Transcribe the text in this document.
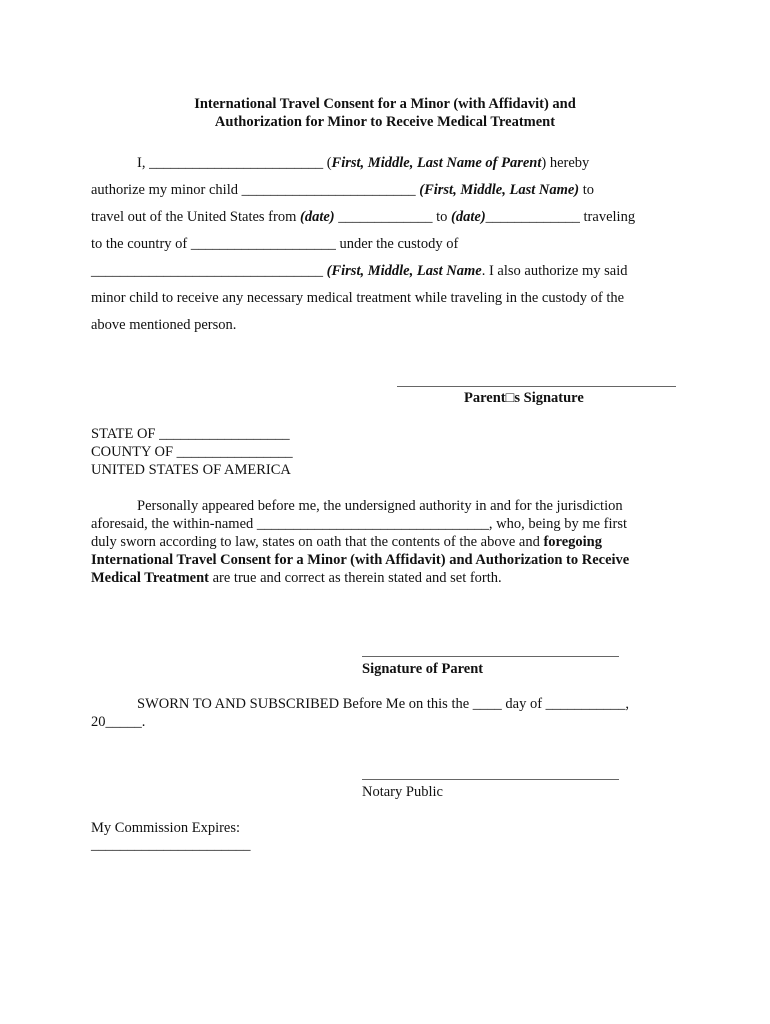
International Travel Consent for a Minor (with Affidavit) and
Authorization for Minor to Receive Medical Treatment
I, ________________________ (First, Middle, Last Name of Parent) hereby
authorize my minor child ________________________ (First, Middle, Last Name) to
travel out of the United States from (date) _____________ to (date)_____________ traveling
to the country of ____________________ under the custody of
________________________________ (First, Middle, Last Name. I also authorize my said
minor child to receive any necessary medical treatment while traveling in the custody of the
above mentioned person.
Parent□s Signature
STATE OF __________________
COUNTY OF ________________
UNITED STATES OF AMERICA
Personally appeared before me, the undersigned authority in and for the jurisdiction
aforesaid, the within-named ________________________________, who, being by me first
duly sworn according to law, states on oath that the contents of the above and foregoing
International Travel Consent for a Minor (with Affidavit) and Authorization to Receive
Medical Treatment are true and correct as therein stated and set forth.
Signature of Parent
SWORN TO AND SUBSCRIBED Before Me on this the ____ day of ___________,
20_____.
Notary Public
My Commission Expires:
______________________
